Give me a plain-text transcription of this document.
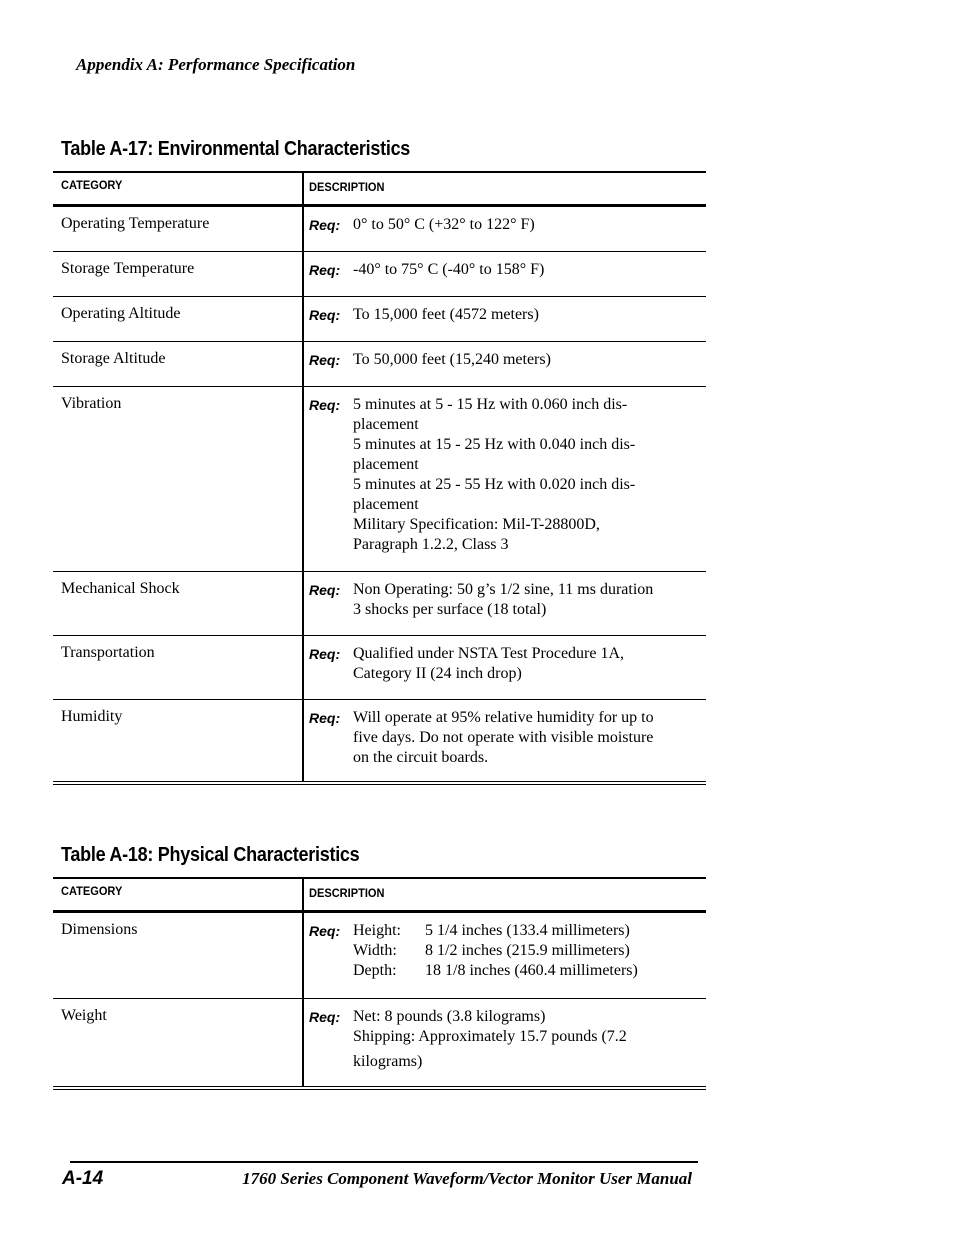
Appendix A: Performance Specification
Table A-17: Environmental Characteristics
CATEGORY	DESCRIPTION
Operating Temperature	Req: 0° to 50° C (+32° to 122° F)
Storage Temperature	Req: -40° to 75° C (-40° to 158° F)
Operating Altitude	Req: To 15,000 feet (4572 meters)
Storage Altitude	Req: To 50,000 feet (15,240 meters)
Vibration	Req: 5 minutes at 5 - 15 Hz with 0.060 inch dis-
placement
5 minutes at 15 - 25 Hz with 0.040 inch dis-
placement
5 minutes at 25 - 55 Hz with 0.020 inch dis-
placement
Military Specification: Mil-T-28800D,
Paragraph 1.2.2, Class 3
Mechanical Shock	Req: Non Operating: 50 g’s 1/2 sine, 11 ms duration
3 shocks per surface (18 total)
Transportation	Req: Qualified under NSTA Test Procedure 1A,
Category II (24 inch drop)
Humidity	Req: Will operate at 95% relative humidity for up to
five days. Do not operate with visible moisture
on the circuit boards.
Table A-18: Physical Characteristics
CATEGORY	DESCRIPTION
Dimensions	Req: Height:	5 1/4 inches (133.4 millimeters)
Width:	8 1/2 inches (215.9 millimeters)
Depth:	18 1/8 inches (460.4 millimeters)
Weight	Req: Net: 8 pounds (3.8 kilograms)
Shipping: Approximately 15.7 pounds (7.2
kilograms)
A-14	1760 Series Component Waveform/Vector Monitor User Manual
